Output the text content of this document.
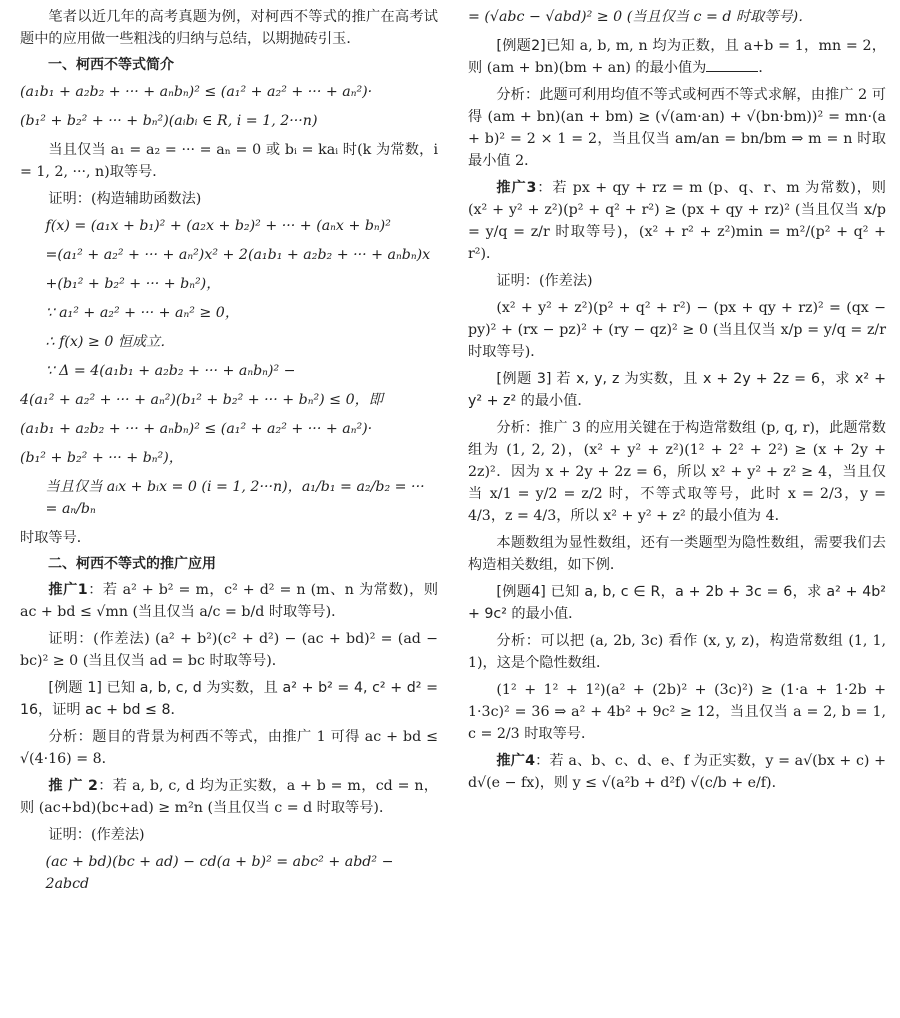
笔者以近几年的高考真题为例，对柯西不等式的推广在高考试题中的应用做一些粗浅的归纳与总结，以期抛砖引玉．

一、柯西不等式简介
(a₁b₁ + a₂b₂ + ··· + aₙbₙ)² ≤ (a₁² + a₂² + ··· + aₙ²)·
(b₁² + b₂² + ··· + bₙ²)(aᵢbᵢ ∈ R, i = 1, 2···n)

当且仅当 a₁ = a₂ = ··· = aₙ = 0 或 bᵢ = kaᵢ 时(k 为常数，i = 1, 2, ···, n)取等号．

证明：(构造辅助函数法)

f(x) = (a₁x + b₁)² + (a₂x + b₂)² + ··· + (aₙx + bₙ)²
=(a₁² + a₂² + ··· + aₙ²)x² + 2(a₁b₁ + a₂b₂ + ··· + aₙbₙ)x
+(b₁² + b₂² + ··· + bₙ²)，
∵ a₁² + a₂² + ··· + aₙ² ≥ 0，
∴ f(x) ≥ 0 恒成立．
∵ Δ = 4(a₁b₁ + a₂b₂ + ··· + aₙbₙ)² −
4(a₁² + a₂² + ··· + aₙ²)(b₁² + b₂² + ··· + bₙ²) ≤ 0，即
(a₁b₁ + a₂b₂ + ··· + aₙbₙ)² ≤ (a₁² + a₂² + ··· + aₙ²)·
(b₁² + b₂² + ··· + bₙ²)，
当且仅当 aᵢx + bᵢx = 0 (i = 1, 2···n)，a₁/b₁ = a₂/b₂ = ··· = aₙ/bₙ

时取等号．

二、柯西不等式的推广应用

推广1：若 a² + b² = m，c² + d² = n (m、n 为常数)，则 ac + bd ≤ √mn (当且仅当 a/c = b/d 时取等号)．

证明：(作差法) (a² + b²)(c² + d²) − (ac + bd)² = (ad − bc)² ≥ 0 (当且仅当 ad = bc 时取等号)．

[例题 1] 已知 a, b, c, d 为实数，且 a² + b² = 4, c² + d² = 16，证明 ac + bd ≤ 8．

分析：题目的背景为柯西不等式，由推广 1 可得 ac + bd ≤ √(4·16) = 8．

推 广 2：若 a, b, c, d 均为正实数，a + b = m，cd = n，则 (ac+bd)(bc+ad) ≥ m²n (当且仅当 c = d 时取等号)．

证明：(作差法)

(ac + bd)(bc + ad) − cd(a + b)² = abc² + abd² − 2abcd
= (√abc − √abd)² ≥ 0 (当且仅当 c = d 时取等号)．

[例题2]已知 a, b, m, n 均为正数，且 a+b = 1，mn = 2，则 (am + bn)(bm + an) 的最小值为	．

分析：此题可利用均值不等式或柯西不等式求解，由推广 2 可得 (am + bn)(an + bm) ≥ (√(am·an) + √(bn·bm))² = mn·(a + b)² = 2 × 1 = 2，当且仅当 am/an = bn/bm ⇒ m = n 时取最小值 2．

推广3：若 px + qy + rz = m (p、q、r、m 为常数)，则 (x² + y² + z²)(p² + q² + r²) ≥ (px + qy + rz)² (当且仅当 x/p = y/q = z/r 时取等号)，(x² + r² + z²)min = m²/(p² + q² + r²)．

证明：(作差法)

(x² + y² + z²)(p² + q² + r²) − (px + qy + rz)² = (qx − py)² + (rx − pz)² + (ry − qz)² ≥ 0 (当且仅当 x/p = y/q = z/r 时取等号)．

[例题 3] 若 x, y, z 为实数，且 x + 2y + 2z = 6，求 x² + y² + z² 的最小值．

分析：推广 3 的应用关键在于构造常数组 (p, q, r)，此题常数组为 (1, 2, 2)，(x² + y² + z²)(1² + 2² + 2²) ≥ (x + 2y + 2z)²．因为 x + 2y + 2z = 6，所以 x² + y² + z² ≥ 4，当且仅当 x/1 = y/2 = z/2 时，不等式取等号，此时 x = 2/3，y = 4/3，z = 4/3，所以 x² + y² + z² 的最小值为 4．

本题数组为显性数组，还有一类题型为隐性数组，需要我们去构造相关数组，如下例．

[例题4] 已知 a, b, c ∈ R，a + 2b + 3c = 6，求 a² + 4b² + 9c² 的最小值．

分析：可以把 (a, 2b, 3c) 看作 (x, y, z)，构造常数组 (1, 1, 1)，这是个隐性数组．

(1² + 1² + 1²)(a² + (2b)² + (3c)²) ≥ (1·a + 1·2b + 1·3c)² = 36 ⇒ a² + 4b² + 9c² ≥ 12，当且仅当 a = 2, b = 1, c = 2/3 时取等号．

推广4：若 a、b、c、d、e、f 为正实数，y = a√(bx + c) + d√(e − fx)，则 y ≤ √(a²b + d²f) √(c/b + e/f)．
